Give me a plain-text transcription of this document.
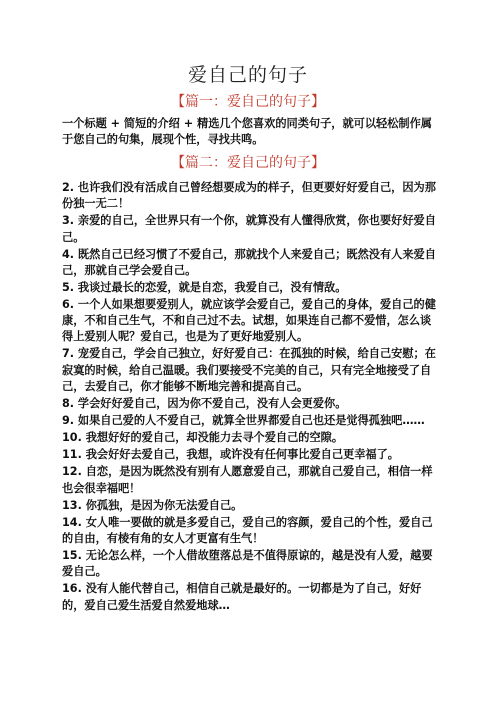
爱自己的句子
【篇一：爱自己的句子】
一个标题 + 简短的介绍 + 精选几个您喜欢的同类句子，就可以轻松制作属于您自己的句集，展现个性，寻找共鸣。
【篇二：爱自己的句子】

2. 也许我们没有活成自己曾经想要成为的样子，但更要好好爱自己，因为那份独一无二！

3. 亲爱的自己，全世界只有一个你，就算没有人懂得欣赏，你也要好好爱自己。

4. 既然自己已经习惯了不爱自己，那就找个人来爱自己；既然没有人来爱自己，那就自己学会爱自己。

5. 我谈过最长的恋爱，就是自恋，我爱自己，没有情敌。

6. 一个人如果想要爱别人，就应该学会爱自己，爱自己的身体，爱自己的健康，不和自己生气，不和自己过不去。试想，如果连自己都不爱惜，怎么谈得上爱别人呢？爱自己，也是为了更好地爱别人。

7. 宠爱自己，学会自己独立，好好爱自己：在孤独的时候，给自己安慰；在寂寞的时候，给自己温暖。我们要接受不完美的自己，只有完全地接受了自己，去爱自己，你才能够不断地完善和提高自己。

8. 学会好好爱自己，因为你不爱自己，没有人会更爱你。

9. 如果自己爱的人不爱自己，就算全世界都爱自己也还是觉得孤独吧……

10. 我想好好的爱自己，却没能力去寻个爱自己的空隙。

11. 我会好好去爱自己，我想，或许没有任何事比爱自己更幸福了。

12. 自恋，是因为既然没有别有人愿意爱自己，那就自己爱自己，相信一样也会很幸福吧！

13. 你孤独，是因为你无法爱自己。

14. 女人唯一要做的就是多爱自己，爱自己的容颜，爱自己的个性，爱自己的自由，有棱有角的女人才更富有生气！

15. 无论怎么样，一个人借故堕落总是不值得原谅的，越是没有人爱，越要爱自己。

16. 没有人能代替自己，相信自己就是最好的。一切都是为了自己，好好的，爱自己爱生活爱自然爱地球…
